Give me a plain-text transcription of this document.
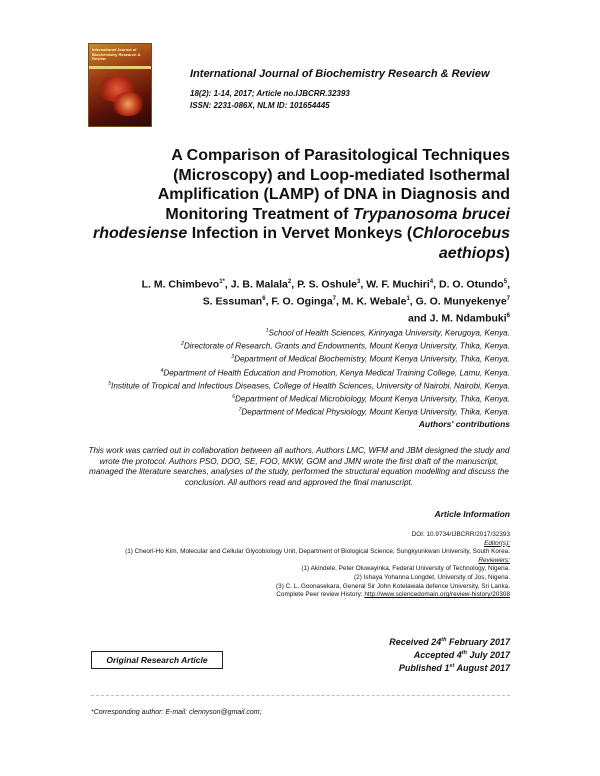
International Journal of Biochemistry Research & Review
International Journal of Biochemistry Research & Review
18(2): 1-14, 2017; Article no.IJBCRR.32393
ISSN: 2231-086X, NLM ID: 101654445
A Comparison of Parasitological Techniques (Microscopy) and Loop-mediated Isothermal Amplification (LAMP) of DNA in Diagnosis and Monitoring Treatment of Trypanosoma brucei rhodesiense Infection in Vervet Monkeys (Chlorocebus aethiops)
L. M. Chimbevo$^{1*}$, J. B. Malala$^2$, P. S. Oshule$^3$, W. F. Muchiri$^4$, D. O. Otundo$^5$,
S. Essuman$^6$, F. O. Oginga$^7$, M. K. Webale$^1$, G. O. Munyekenye$^7$
and J. M. Ndambuki$^6$
$^1$School of Health Sciences, Kirinyaga University, Kerugoya, Kenya.
$^2$Directorate of Research, Grants and Endowments, Mount Kenya University, Thika, Kenya.
$^3$Department of Medical Biochemistry, Mount Kenya University, Thika, Kenya.
$^4$Department of Health Education and Promotion, Kenya Medical Training College, Lamu, Kenya.
$^5$Institute of Tropical and Infectious Diseases, College of Health Sciences, University of Nairobi, Nairobi, Kenya.
$^6$Department of Medical Microbiology, Mount Kenya University, Thika, Kenya.
$^7$Department of Medical Physiology, Mount Kenya University, Thika, Kenya.
Authors' contributions
This work was carried out in collaboration between all authors. Authors LMC, WFM and JBM designed the study and wrote the protocol. Authors PSO, DOO, SE, FOO, MKW, GOM and JMN wrote the first draft of the manuscript, managed the literature searches, analyses of the study, performed the structural equation modelling and discuss the conclusion. All authors read and approved the final manuscript.
Article Information
DOI: 10.9734/IJBCRR/2017/32393
Editor(s):
(1) Cheorl-Ho Kim, Molecular and Cellular Glycobiology Unit, Department of Biological Science, Sungkyunkwan University, South Korea.
Reviewers:
(1) Akindele, Peter Oluwayinka, Federal University of Technology, Nigeria.
(2) Ishaya Yohanna Longdet, University of Jos, Nigeria.
(3) C. L. Goonasekara, General Sir John Kotelawala defence University, Sri Lanka.
Complete Peer review History: http://www.sciencedomain.org/review-history/20308
Original Research Article
Received 24th February 2017
Accepted 4th July 2017
Published 1st August 2017
*Corresponding author: E-mail: clennyson@gmail.com;
